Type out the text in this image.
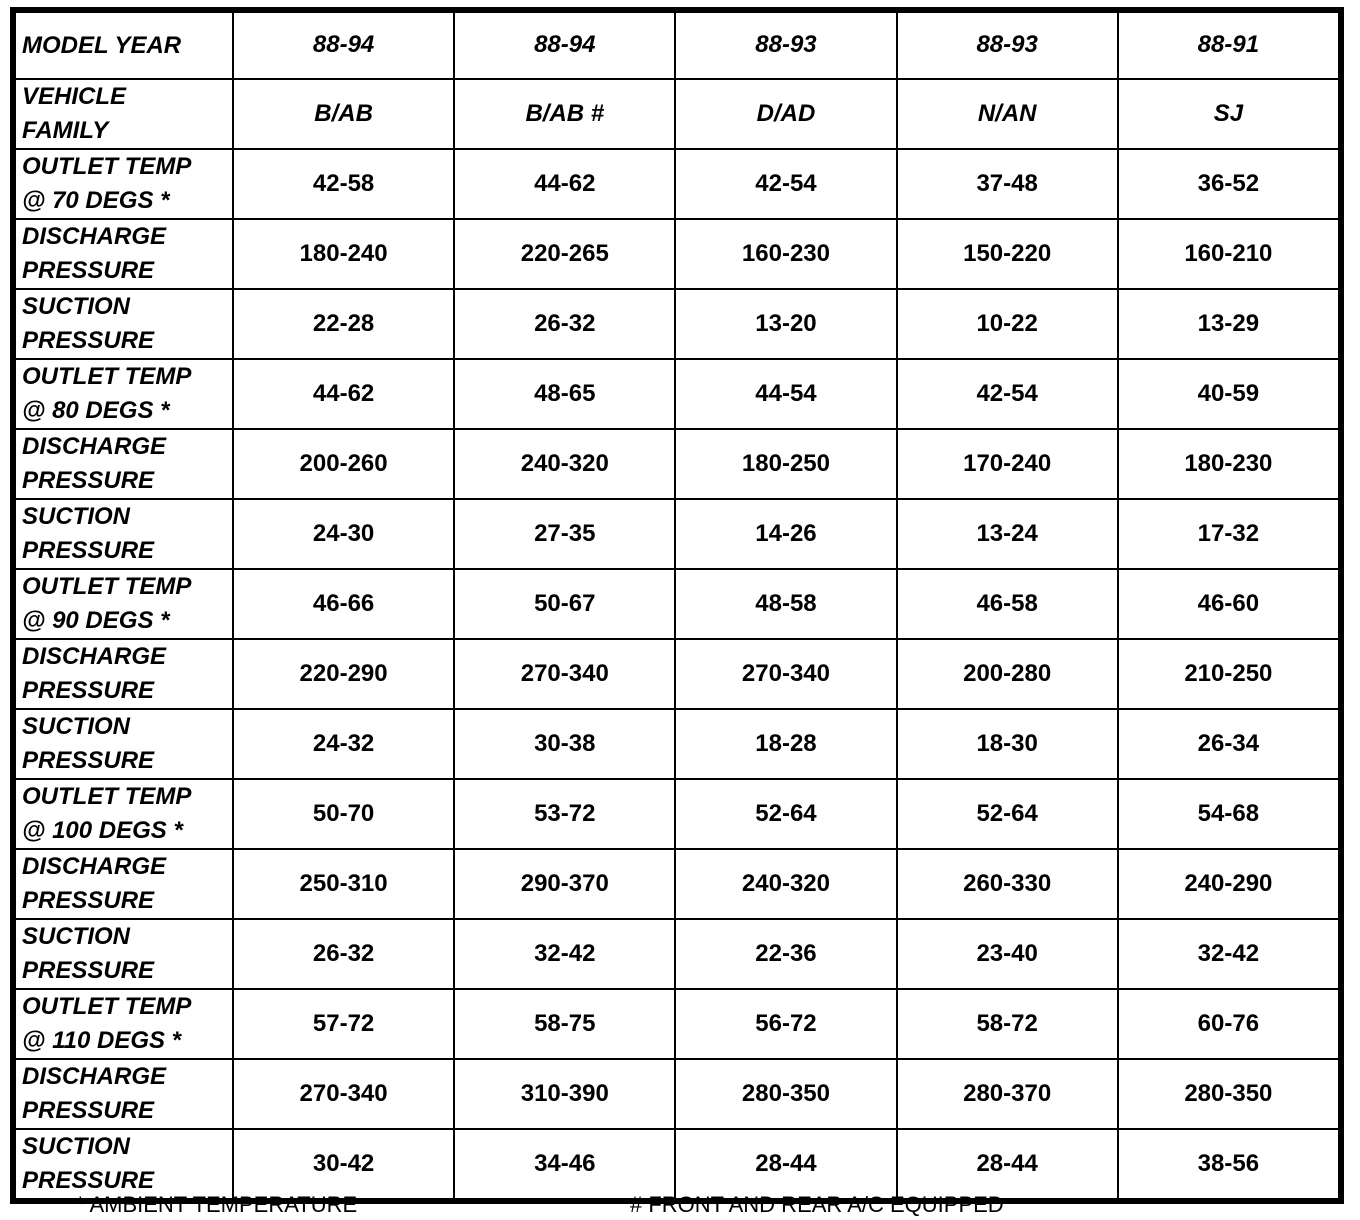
MODEL YEAR	88-94	88-94	88-93	88-93	88-91

VEHICLE
FAMILY	B/AB	B/AB #	D/AD	N/AN	SJ

OUTLET TEMP
@ 70 DEGS *	42-58	44-62	42-54	37-48	36-52

DISCHARGE
PRESSURE	180-240	220-265	160-230	150-220	160-210

SUCTION
PRESSURE	22-28	26-32	13-20	10-22	13-29

OUTLET TEMP
@ 80 DEGS *	44-62	48-65	44-54	42-54	40-59

DISCHARGE
PRESSURE	200-260	240-320	180-250	170-240	180-230

SUCTION
PRESSURE	24-30	27-35	14-26	13-24	17-32

OUTLET TEMP
@ 90 DEGS *	46-66	50-67	48-58	46-58	46-60

DISCHARGE
PRESSURE	220-290	270-340	270-340	200-280	210-250

SUCTION
PRESSURE	24-32	30-38	18-28	18-30	26-34

OUTLET TEMP
@ 100 DEGS *	50-70	53-72	52-64	52-64	54-68

DISCHARGE
PRESSURE	250-310	290-370	240-320	260-330	240-290

SUCTION
PRESSURE	26-32	32-42	22-36	23-40	32-42

OUTLET TEMP
@ 110 DEGS *	57-72	58-75	56-72	58-72	60-76

DISCHARGE
PRESSURE	270-340	310-390	280-350	280-370	280-350

SUCTION
PRESSURE	30-42	34-46	28-44	28-44	38-56
* AMBIENT TEMPERATURE	# FRONT AND REAR A/C EQUIPPED
